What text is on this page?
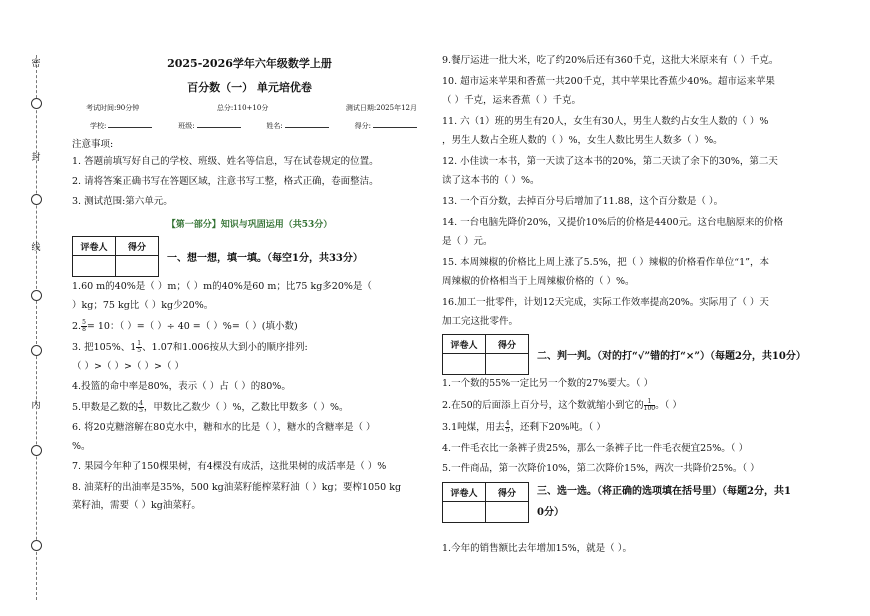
密
封
线
内

2025-2026学年六年级数学上册

百分数（一） 单元培优卷

考试时间:90分钟	总分:110+10分	测试日期:2025年12月
学校:	班级:	姓名:	得分:

注意事项:

1. 答题前填写好自己的学校、班级、姓名等信息，写在试卷规定的位置。

2. 请将答案正确书写在答题区域，注意书写工整，格式正确，卷面整洁。

3. 测试范围:第六单元。

【第一部分】知识与巩固运用（共53分）
评卷人	得分

一、想一想，填一填。（每空1分，共33分）

1.60 m的40%是（ ）m；（ ）m的40%是60 m；比75 kg多20%是（

）kg；75 kg比（ ）kg少20%。

2. $\frac{5}{8} = 10$：（ ）=（ ）÷ 40 =（ ）%=（ ）(填小数)

3. 把105%、$1 \frac{1}{5}$ 、1.07和1.006按从大到小的顺序排列:

（ ）>（ ）>（ ）>（ ）

4.投篮的命中率是80%，表示（ ）占（ ）的80%。

5.甲数是乙数的 $\frac{4}{5}$ ，甲数比乙数少（ ）%，乙数比甲数多（ ）%。

6. 将20克糖溶解在80克水中，糖和水的比是（ ），糖水的含糖率是（ ）

%。

7. 果园今年种了150棵果树，有4棵没有成活，这批果树的成活率是（ ）%

8. 油菜籽的出油率是35%，500 kg油菜籽能榨菜籽油（ ）kg；要榨1050 kg

菜籽油，需要（ ）kg油菜籽。

9.餐厅运进一批大米，吃了约20%后还有360千克，这批大米原来有（ ）千克。

10. 超市运来苹果和香蕉一共200千克，其中苹果比香蕉少40%。超市运来苹果

（ ）千克，运来香蕉（ ）千克。

11. 六（1）班的男生有20人，女生有30人，男生人数约占女生人数的（ ）%

，男生人数占全班人数的（ ）%，女生人数比男生人数多（ ）%。

12. 小佳读一本书，第一天读了这本书的20%，第二天读了余下的30%，第二天

读了这本书的（ ）%。

13. 一个百分数，去掉百分号后增加了11.88，这个百分数是（ ）。

14. 一台电脑先降价20%，又提价10%后的价格是4400元。这台电脑原来的价格

是（ ）元。

15. 本周辣椒的价格比上周上涨了5.5%，把（ ）辣椒的价格看作单位“1”，本

周辣椒的价格相当于上周辣椒价格的（ ）%。

16.加工一批零件，计划12天完成，实际工作效率提高20%。实际用了（ ）天

加工完这批零件。

评卷人	得分

二、判一判。（对的打“√”错的打“×”）（每题2分，共10分）

1.一个数的55%一定比另一个数的27%要大。（ ）

2.在50的后面添上百分号，这个数就缩小到它的 $\frac{1}{100}$ 。（ ）

3.1吨煤，用去 $\frac{4}{5}$ ，还剩下20%吨。（ ）

4.一件毛衣比一条裤子贵25%，那么一条裤子比一件毛衣便宜25%。（ ）

5.一件商品，第一次降价10%，第二次降价15%，两次一共降价25%。（ ）

评卷人	得分
	三、选一选。（将正确的选项填在括号里）（每题2分，共1
0分）

1.今年的销售额比去年增加15%，就是（ ）。
